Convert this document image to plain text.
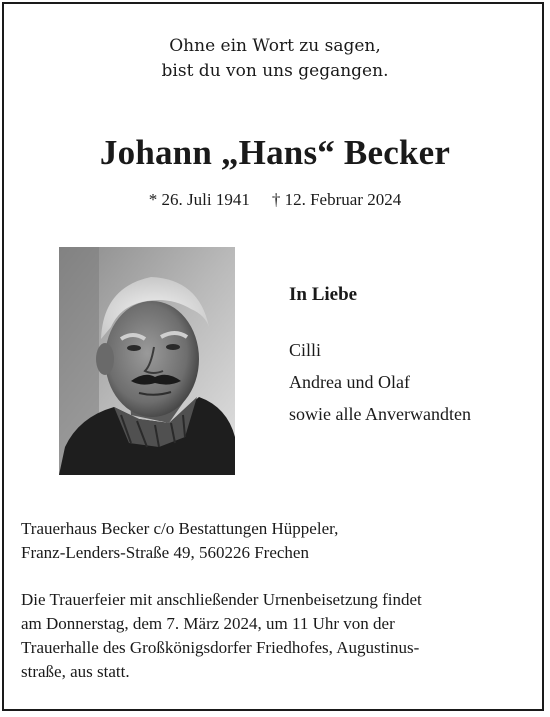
Ohne ein Wort zu sagen,
bist du von uns gegangen.
Johann „Hans“ Becker
* 26. Juli 1941 † 12. Februar 2024
In Liebe
Cilli
Andrea und Olaf
sowie alle Anverwandten
Trauerhaus Becker c/o Bestattungen Hüppeler,
Franz-Lenders-Straße 49, 560226 Frechen
Die Trauerfeier mit anschließender Urnenbeisetzung findet
am Donnerstag, dem 7. März 2024, um 11 Uhr von der
Trauerhalle des Großkönigsdorfer Friedhofes, Augustinus-
straße, aus statt.
